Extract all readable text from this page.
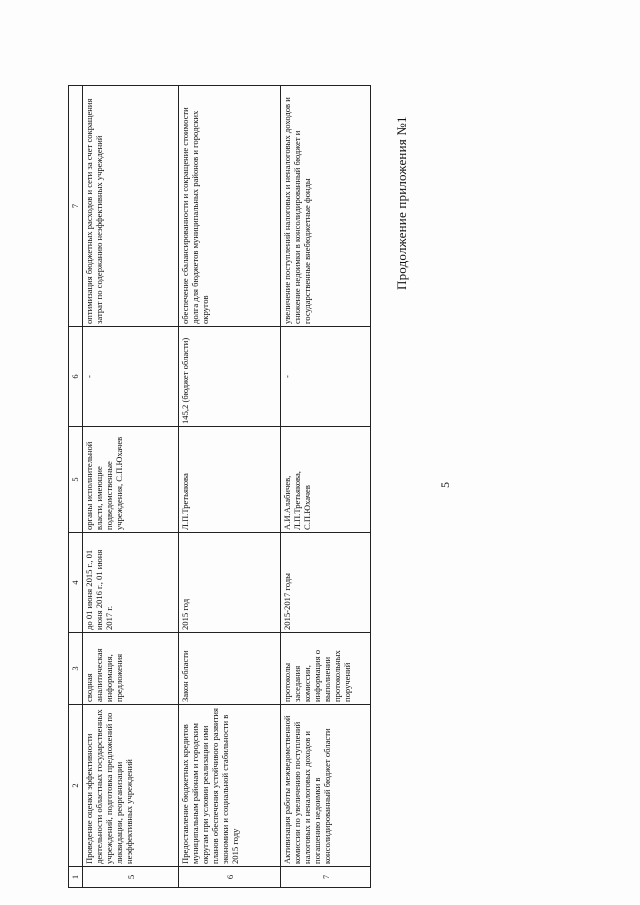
5
Продолжение приложения №1
1	2	3	4	5	6	7
5	Проведение оценки эффективности деятельности областных государственных учреждений, подготовка предложений по ликвидации, реорганизации неэффективных учреждений	сводная аналитическая информация, предложения	до 01 июня 2015 г., 01 июня 2016 г., 01 июня 2017 г.	органы исполнительной власти, имеющие подведомственные учреждения, С.П.Юхачев	-	оптимизация бюджетных расходов и сети за счет сокращения затрат по содержанию неэффективных учреждений
6	Предоставление бюджетных кредитов муниципальным районам и городским округам при условии реализации ими планов обеспечения устойчивого развития экономики и социальной стабильности в 2015 году	Закон области	2015 год	Л.П.Третьякова	145,2 (бюджет области)	обеспечение сбалансированности и сокращение стоимости долга для бюджетов муниципальных районов и городских округов
7	Активизация работы межведомственной комиссии по увеличению поступлений налоговых и неналоговых доходов и погашению недоимки в консолидированный бюджет области	протоколы заседания комиссии, информация о выполнении протокольных поручений	2015-2017 годы	А.И.Алабичев, Л.П.Третьякова, С.П.Юхачев	-	увеличение поступлений налоговых и неналоговых доходов и снижение недоимки в консолидированный бюджет и государственные внебюджетные фонды
